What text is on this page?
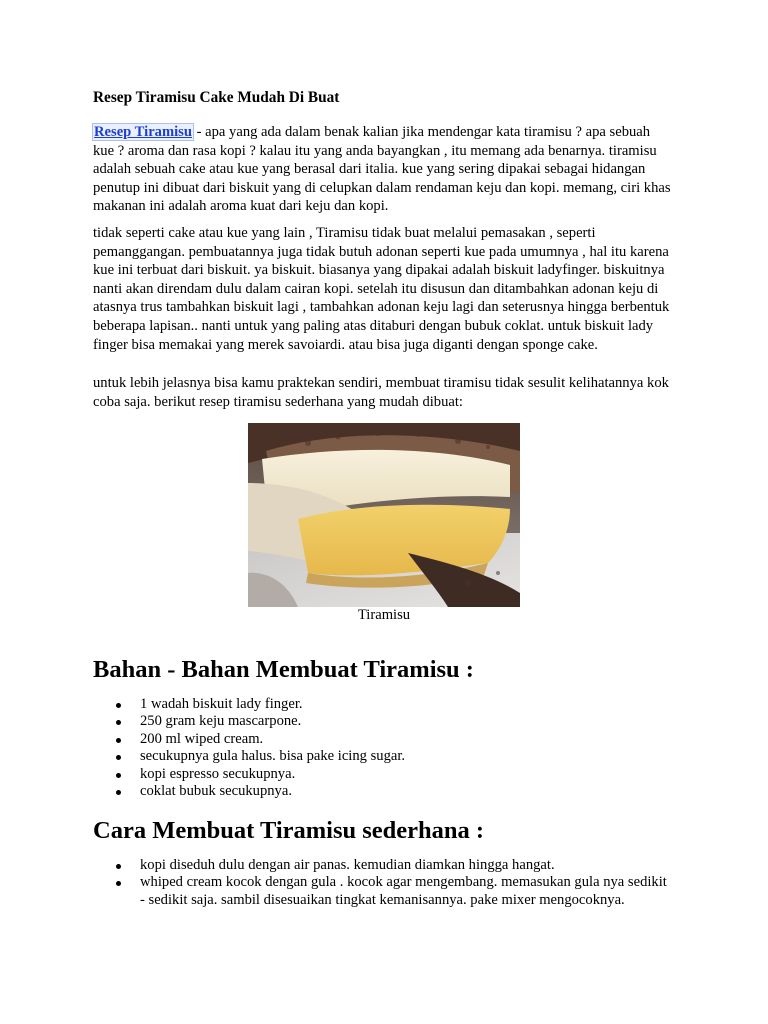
Resep Tiramisu Cake Mudah Di Buat

Resep Tiramisu - apa yang ada dalam benak kalian jika mendengar kata tiramisu ? apa sebuah kue ? aroma dan rasa kopi ? kalau itu yang anda bayangkan , itu memang ada benarnya. tiramisu adalah sebuah cake atau kue yang berasal dari italia. kue yang sering dipakai sebagai hidangan penutup ini dibuat dari biskuit yang di celupkan dalam rendaman keju dan kopi. memang, ciri khas makanan ini adalah aroma kuat dari keju dan kopi.

tidak seperti cake atau kue yang lain , Tiramisu tidak buat melalui pemasakan , seperti pemanggangan. pembuatannya juga tidak butuh adonan seperti kue pada umumnya , hal itu karena kue ini terbuat dari biskuit. ya biskuit. biasanya yang dipakai adalah biskuit ladyfinger. biskuitnya nanti akan direndam dulu dalam cairan kopi. setelah itu disusun dan ditambahkan adonan keju di atasnya trus tambahkan biskuit lagi , tambahkan adonan keju lagi dan seterusnya hingga berbentuk beberapa lapisan.. nanti untuk yang paling atas ditaburi dengan bubuk coklat. untuk biskuit lady finger bisa memakai yang merek savoiardi. atau bisa juga diganti dengan sponge cake.

untuk lebih jelasnya bisa kamu praktekan sendiri, membuat tiramisu tidak sesulit kelihatannya kok coba saja. berikut resep tiramisu sederhana yang mudah dibuat:

Tiramisu
Bahan - Bahan Membuat Tiramisu :
1 wadah biskuit lady finger.
250 gram keju mascarpone.
200 ml wiped cream.
secukupnya gula halus. bisa pake icing sugar.
kopi espresso secukupnya.
coklat bubuk secukupnya.
Cara Membuat Tiramisu sederhana :
kopi diseduh dulu dengan air panas. kemudian diamkan hingga hangat.
whiped cream kocok dengan gula . kocok agar mengembang. memasukan gula nya sedikit - sedikit saja. sambil disesuaikan tingkat kemanisannya. pake mixer mengocoknya.
